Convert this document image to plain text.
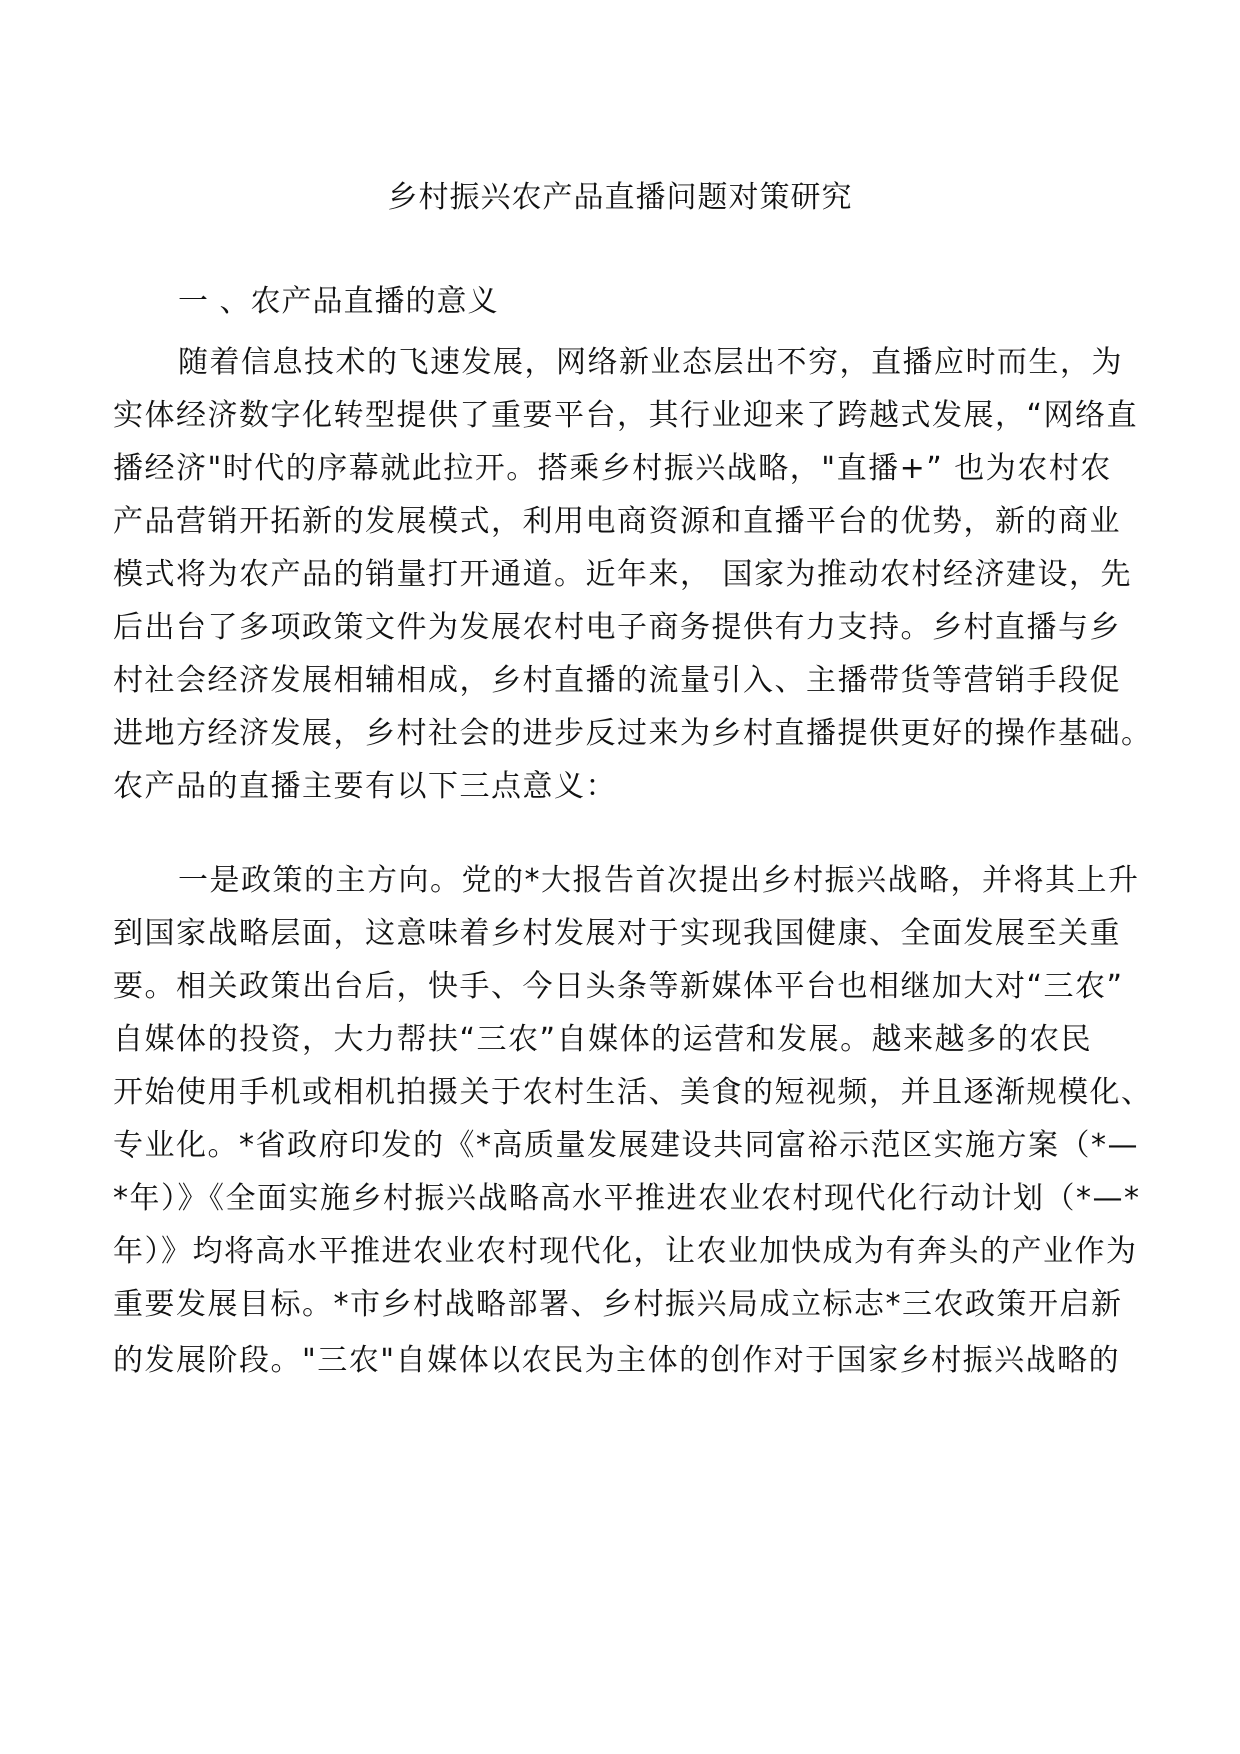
乡村振兴农产品直播问题对策研究
一 、农产品直播的意义
随着信息技术的飞速发展，网络新业态层出不穷，直播应时而生，为
实体经济数字化转型提供了重要平台，其行业迎来了跨越式发展，“网络直
播经济"时代的序幕就此拉开。搭乘乡村振兴战略，"直播+” 也为农村农
产品营销开拓新的发展模式，利用电商资源和直播平台的优势，新的商业
模式将为农产品的销量打开通道。近年来， 国家为推动农村经济建设，先
后出台了多项政策文件为发展农村电子商务提供有力支持。乡村直播与乡
村社会经济发展相辅相成，乡村直播的流量引入、主播带货等营销手段促
进地方经济发展，乡村社会的进步反过来为乡村直播提供更好的操作基础。
农产品的直播主要有以下三点意义：
一是政策的主方向。党的*大报告首次提出乡村振兴战略，并将其上升
到国家战略层面，这意味着乡村发展对于实现我国健康、全面发展至关重
要。相关政策出台后，快手、今日头条等新媒体平台也相继加大对“三农”
自媒体的投资，大力帮扶“三农”自媒体的运营和发展。越来越多的农民
开始使用手机或相机拍摄关于农村生活、美食的短视频，并且逐渐规模化、
专业化。*省政府印发的《*高质量发展建设共同富裕示范区实施方案（*—
*年）》《全面实施乡村振兴战略高水平推进农业农村现代化行动计划（*—*
年）》均将高水平推进农业农村现代化，让农业加快成为有奔头的产业作为
重要发展目标。*市乡村战略部署、乡村振兴局成立标志*三农政策开启新
的发展阶段。"三农"自媒体以农民为主体的创作对于国家乡村振兴战略的
